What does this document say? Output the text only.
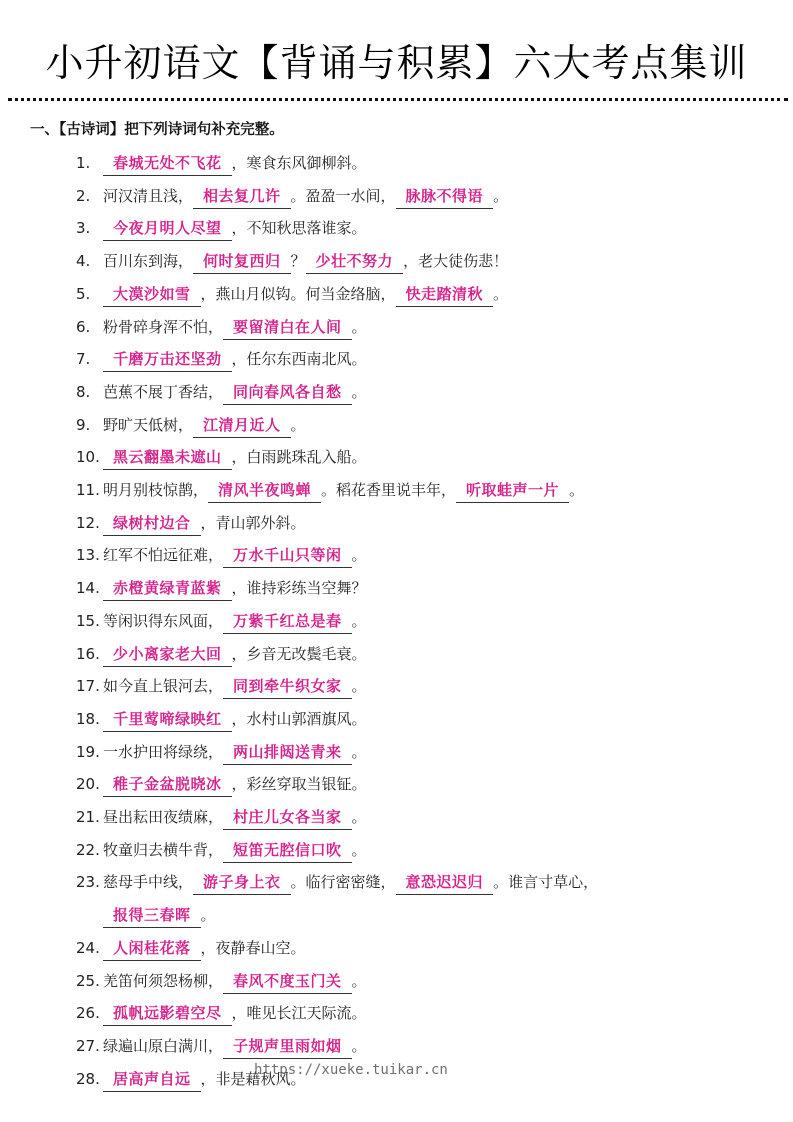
小升初语文【背诵与积累】六大考点集训
一、【古诗词】把下列诗词句补充完整。
1.	春城无处不飞花 ，寒食东风御柳斜。
2. 河汉清且浅， 相去复几许 。盈盈一水间， 脉脉不得语 。
3.	今夜月明人尽望 ，不知秋思落谁家。
4. 百川东到海， 何时复西归 ？ 少壮不努力 ，老大徒伤悲！
5.	大漠沙如雪 ，燕山月似钩。何当金络脑， 快走踏清秋 。
6. 粉骨碎身浑不怕， 要留清白在人间 。
7.	千磨万击还坚劲 ，任尔东西南北风。
8. 芭蕉不展丁香结， 同向春风各自愁 。
9. 野旷天低树， 江清月近人 。
10. 黑云翻墨未遮山 ，白雨跳珠乱入船。
11. 明月别枝惊鹊， 清风半夜鸣蝉 。稻花香里说丰年， 听取蛙声一片 。
12. 绿树村边合 ，青山郭外斜。
13. 红军不怕远征难， 万水千山只等闲 。
14. 赤橙黄绿青蓝紫 ，谁持彩练当空舞？
15. 等闲识得东风面， 万紫千红总是春 。
16. 少小离家老大回 ，乡音无改鬓毛衰。
17. 如今直上银河去， 同到牵牛织女家 。
18. 千里莺啼绿映红 ，水村山郭酒旗风。
19. 一水护田将绿绕， 两山排闼送青来 。
20. 稚子金盆脱晓冰 ，彩丝穿取当银钲。
21. 昼出耘田夜绩麻， 村庄儿女各当家 。
22. 牧童归去横牛背， 短笛无腔信口吹 。
23. 慈母手中线， 游子身上衣 。临行密密缝， 意恐迟迟归 。谁言寸草心，
报得三春晖 。
24. 人闲桂花落 ，夜静春山空。
25. 羌笛何须怨杨柳， 春风不度玉门关 。
26. 孤帆远影碧空尽 ，唯见长江天际流。
27. 绿遍山原白满川， 子规声里雨如烟 。
28. 居高声自远 ，非是藉秋风。
https://xueke.tuikar.cn
